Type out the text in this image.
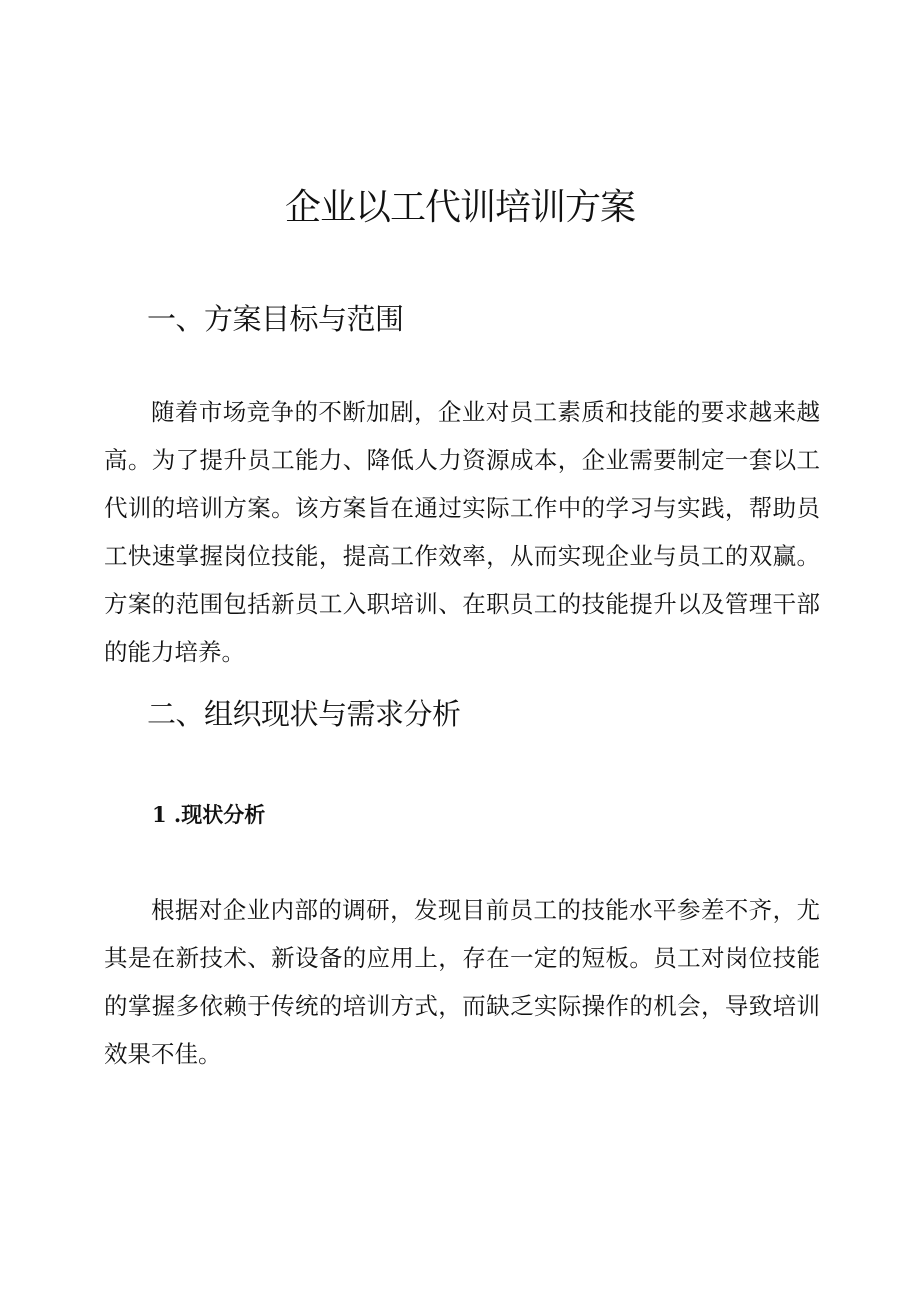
企业以工代训培训方案
一、方案目标与范围

随着市场竞争的不断加剧，企业对员工素质和技能的要求越来越高。为了提升员工能力、降低人力资源成本，企业需要制定一套以工代训的培训方案。该方案旨在通过实际工作中的学习与实践，帮助员工快速掌握岗位技能，提高工作效率，从而实现企业与员工的双赢。方案的范围包括新员工入职培训、在职员工的技能提升以及管理干部的能力培养。

二、组织现状与需求分析
1 .现状分析

根据对企业内部的调研，发现目前员工的技能水平参差不齐，尤其是在新技术、新设备的应用上，存在一定的短板。员工对岗位技能的掌握多依赖于传统的培训方式，而缺乏实际操作的机会，导致培训效果不佳。
